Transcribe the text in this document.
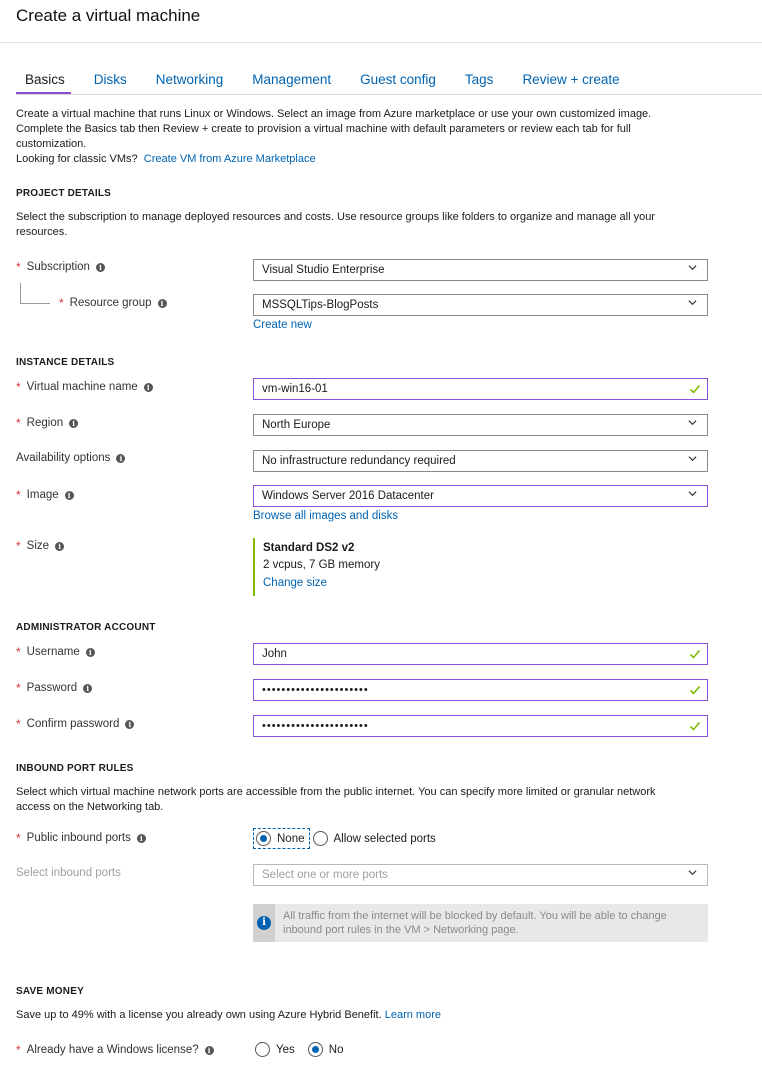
Create a virtual machine
Basics	Disks	Networking	Management	Guest config	Tags	Review + create
Create a virtual machine that runs Linux or Windows. Select an image from Azure marketplace or use your own customized image.
Complete the Basics tab then Review + create to provision a virtual machine with default parameters or review each tab for full
customization.
Looking for classic VMs? Create VM from Azure Marketplace
PROJECT DETAILS
Select the subscription to manage deployed resources and costs. Use resource groups like folders to organize and manage all your
resources.
* Subscription	i	Visual Studio Enterprise
* Resource group	i	MSSQLTips-BlogPosts
Create new
INSTANCE DETAILS
* Virtual machine name	i	vm-win16-01
* Region	i	North Europe
Availability options	i	No infrastructure redundancy required
* Image	i	Windows Server 2016 Datacenter
Browse all images and disks
* Size	i	Standard DS2 v2
2 vcpus, 7 GB memory
Change size
ADMINISTRATOR ACCOUNT
* Username	i	John
* Password	i	••••••••••••••••••••••
* Confirm password	i	••••••••••••••••••••••
INBOUND PORT RULES
Select which virtual machine network ports are accessible from the public internet. You can specify more limited or granular network
access on the Networking tab.
* Public inbound ports	i	None	Allow selected ports
Select inbound ports	Select one or more ports
i
All traffic from the internet will be blocked by default. You will be able to change
inbound port rules in the VM > Networking page.
SAVE MONEY
Save up to 49% with a license you already own using Azure Hybrid Benefit. Learn more
* Already have a Windows license?	i	Yes	No
